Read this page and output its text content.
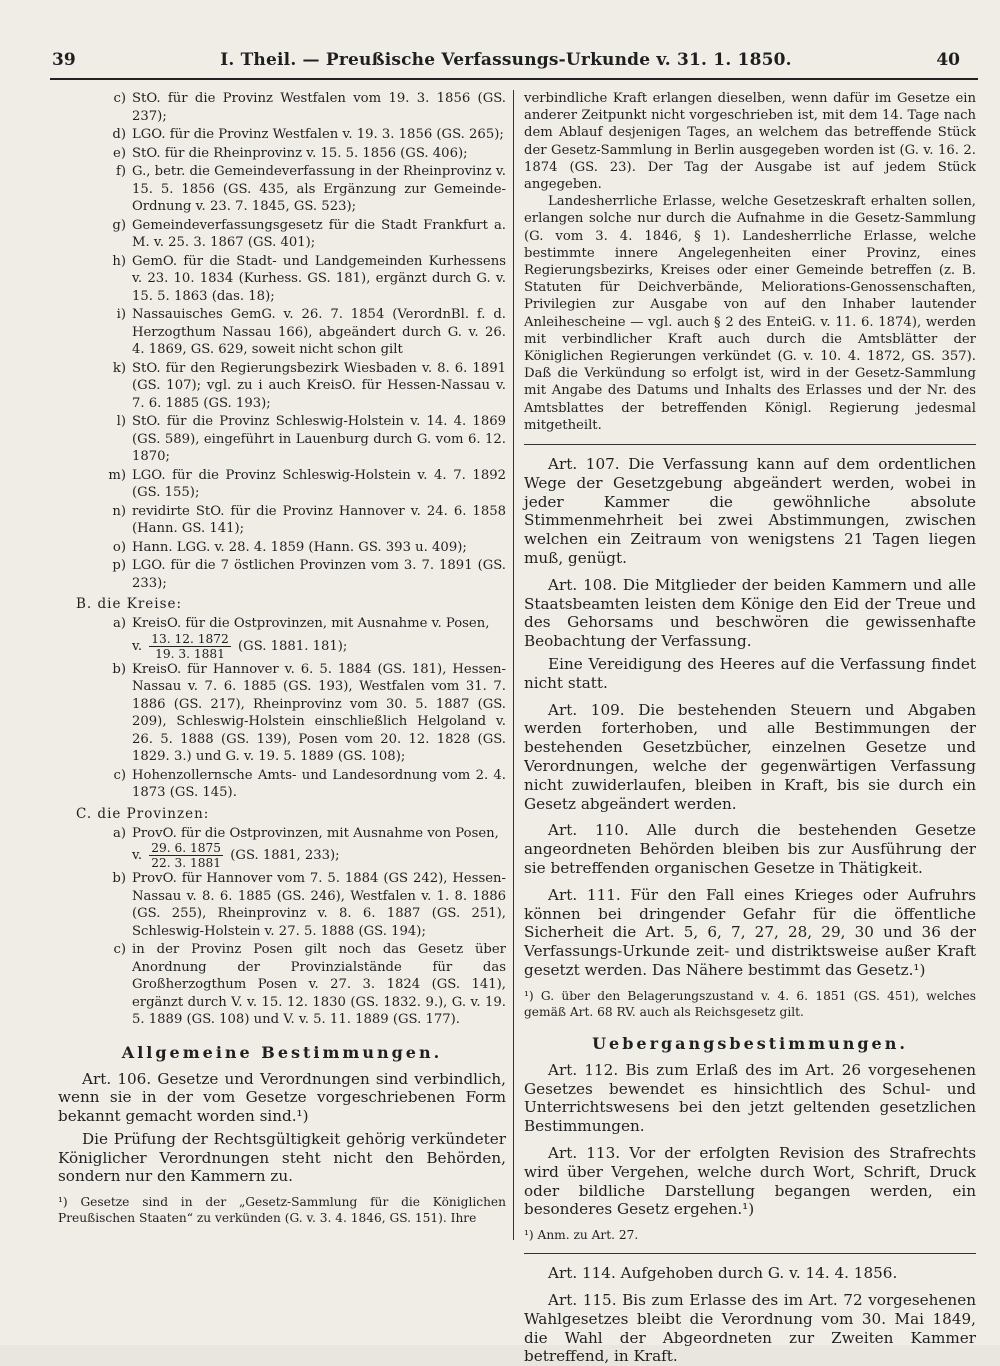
39	I. Theil. — Preußische Verfassungs-Urkunde v. 31. 1. 1850.	40
c) StO. für die Provinz Westfalen vom 19. 3. 1856 (GS. 237);
d) LGO. für die Provinz Westfalen v. 19. 3. 1856 (GS. 265);
e) StO. für die Rheinprovinz v. 15. 5. 1856 (GS. 406);
f) G., betr. die Gemeindeverfassung in der Rheinprovinz v. 15. 5. 1856 (GS. 435, als Ergänzung zur Gemeinde-Ordnung v. 23. 7. 1845, GS. 523);
g) Gemeindeverfassungsgesetz für die Stadt Frankfurt a. M. v. 25. 3. 1867 (GS. 401);
h) GemO. für die Stadt- und Landgemeinden Kurhessens v. 23. 10. 1834 (Kurhess. GS. 181), ergänzt durch G. v. 15. 5. 1863 (das. 18);
i) Nassauisches GemG. v. 26. 7. 1854 (VerordnBl. f. d. Herzogthum Nassau 166), abgeändert durch G. v. 26. 4. 1869, GS. 629, soweit nicht schon gilt
k) StO. für den Regierungsbezirk Wiesbaden v. 8. 6. 1891 (GS. 107); vgl. zu i auch KreisO. für Hessen-Nassau v. 7. 6. 1885 (GS. 193);
l) StO. für die Provinz Schleswig-Holstein v. 14. 4. 1869 (GS. 589), eingeführt in Lauenburg durch G. vom 6. 12. 1870;
m) LGO. für die Provinz Schleswig-Holstein v. 4. 7. 1892 (GS. 155);
n) revidirte StO. für die Provinz Hannover v. 24. 6. 1858 (Hann. GS. 141);
o) Hann. LGG. v. 28. 4. 1859 (Hann. GS. 393 u. 409);
p) LGO. für die 7 östlichen Provinzen vom 3. 7. 1891 (GS. 233);
B. die Kreise:
a) KreisO. für die Ostprovinzen, mit Ausnahme v. Posen,
v. $\frac{13. 12. 1872}{19. 3. 1881} (GS$. 1881. 181);
b) KreisO. für Hannover v. 6. 5. 1884 (GS. 181), Hessen-Nassau v. 7. 6. 1885 (GS. 193), Westfalen vom 31. 7. 1886 (GS. 217), Rheinprovinz vom 30. 5. 1887 (GS. 209), Schleswig-Holstein einschließlich Helgoland v. 26. 5. 1888 (GS. 139), Posen vom 20. 12. 1828 (GS. 1829. 3.) und G. v. 19. 5. 1889 (GS. 108);
c) Hohenzollernsche Amts- und Landesordnung vom 2. 4. 1873 (GS. 145).
C. die Provinzen:
a) ProvO. für die Ostprovinzen, mit Ausnahme von Posen,
v. $\frac{29. 6. 1875}{22. 3. 1881} (GS$. 1881, 233);
b) ProvO. für Hannover vom 7. 5. 1884 (GS 242), Hessen-Nassau v. 8. 6. 1885 (GS. 246), Westfalen v. 1. 8. 1886 (GS. 255), Rheinprovinz v. 8. 6. 1887 (GS. 251), Schleswig-Holstein v. 27. 5. 1888 (GS. 194);
c) in der Provinz Posen gilt noch das Gesetz über Anordnung der Provinzialstände für das Großherzogthum Posen v. 27. 3. 1824 (GS. 141), ergänzt durch V. v. 15. 12. 1830 (GS. 1832. 9.), G. v. 19. 5. 1889 (GS. 108) und V. v. 5. 11. 1889 (GS. 177).
Allgemeine Bestimmungen.

Art. 106. Gesetze und Verordnungen sind verbindlich, wenn sie in der vom Gesetze vorgeschriebenen Form bekannt gemacht worden sind.¹)

Die Prüfung der Rechtsgültigkeit gehörig verkündeter Königlicher Verordnungen steht nicht den Behörden, sondern nur den Kammern zu.

¹) Gesetze sind in der „Gesetz-Sammlung für die Königlichen Preußischen Staaten“ zu verkünden (G. v. 3. 4. 1846, GS. 151). Ihre

verbindliche Kraft erlangen dieselben, wenn dafür im Gesetze ein anderer Zeitpunkt nicht vorgeschrieben ist, mit dem 14. Tage nach dem Ablauf desjenigen Tages, an welchem das betreffende Stück der Gesetz-Sammlung in Berlin ausgegeben worden ist (G. v. 16. 2. 1874 (GS. 23). Der Tag der Ausgabe ist auf jedem Stück angegeben.

Landesherrliche Erlasse, welche Gesetzeskraft erhalten sollen, erlangen solche nur durch die Aufnahme in die Gesetz-Sammlung (G. vom 3. 4. 1846, § 1). Landesherrliche Erlasse, welche bestimmte innere Angelegenheiten einer Provinz, eines Regierungsbezirks, Kreises oder einer Gemeinde betreffen (z. B. Statuten für Deichverbände, Meliorations-Genossenschaften, Privilegien zur Ausgabe von auf den Inhaber lautender Anleihescheine — vgl. auch § 2 des EnteiG. v. 11. 6. 1874), werden mit verbindlicher Kraft auch durch die Amtsblätter der Königlichen Regierungen verkündet (G. v. 10. 4. 1872, GS. 357). Daß die Verkündung so erfolgt ist, wird in der Gesetz-Sammlung mit Angabe des Datums und Inhalts des Erlasses und der Nr. des Amtsblattes der betreffenden Königl. Regierung jedesmal mitgetheilt.

Art. 107. Die Verfassung kann auf dem ordentlichen Wege der Gesetzgebung abgeändert werden, wobei in jeder Kammer die gewöhnliche absolute Stimmenmehrheit bei zwei Abstimmungen, zwischen welchen ein Zeitraum von wenigstens 21 Tagen liegen muß, genügt.

Art. 108. Die Mitglieder der beiden Kammern und alle Staatsbeamten leisten dem Könige den Eid der Treue und des Gehorsams und beschwören die gewissenhafte Beobachtung der Verfassung.

Eine Vereidigung des Heeres auf die Verfassung findet nicht statt.

Art. 109. Die bestehenden Steuern und Abgaben werden forterhoben, und alle Bestimmungen der bestehenden Gesetzbücher, einzelnen Gesetze und Verordnungen, welche der gegenwärtigen Verfassung nicht zuwiderlaufen, bleiben in Kraft, bis sie durch ein Gesetz abgeändert werden.

Art. 110. Alle durch die bestehenden Gesetze angeordneten Behörden bleiben bis zur Ausführung der sie betreffenden organischen Gesetze in Thätigkeit.

Art. 111. Für den Fall eines Krieges oder Aufruhrs können bei dringender Gefahr für die öffentliche Sicherheit die Art. 5, 6, 7, 27, 28, 29, 30 und 36 der Verfassungs-Urkunde zeit- und distriktsweise außer Kraft gesetzt werden. Das Nähere bestimmt das Gesetz.¹)

¹) G. über den Belagerungszustand v. 4. 6. 1851 (GS. 451), welches gemäß Art. 68 RV. auch als Reichsgesetz gilt.

Uebergangsbestimmungen.

Art. 112. Bis zum Erlaß des im Art. 26 vorgesehenen Gesetzes bewendet es hinsichtlich des Schul- und Unterrichtswesens bei den jetzt geltenden gesetzlichen Bestimmungen.

Art. 113. Vor der erfolgten Revision des Strafrechts wird über Vergehen, welche durch Wort, Schrift, Druck oder bildliche Darstellung begangen werden, ein besonderes Gesetz ergehen.¹)

¹) Anm. zu Art. 27.

Art. 114. Aufgehoben durch G. v. 14. 4. 1856.

Art. 115. Bis zum Erlasse des im Art. 72 vorgesehenen Wahlgesetzes bleibt die Verordnung vom 30. Mai 1849, die Wahl der Abgeordneten zur Zweiten Kammer betreffend, in Kraft.
